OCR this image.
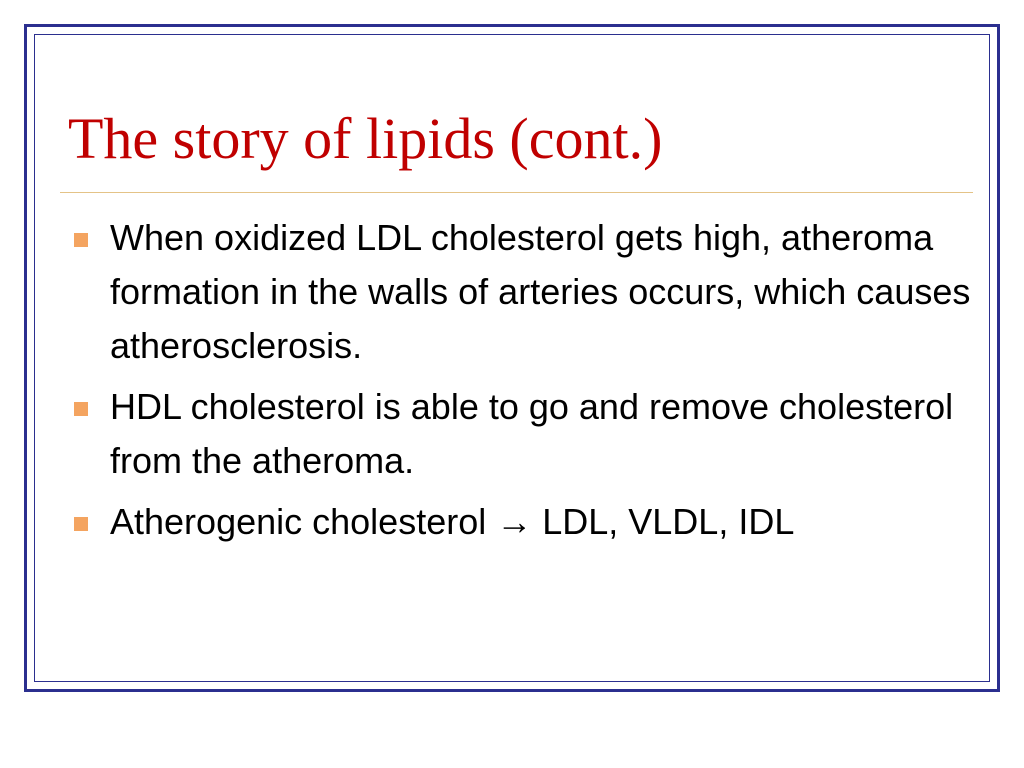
The story of lipids (cont.)
When oxidized LDL cholesterol gets high, atheroma formation in the walls of arteries occurs, which causes atherosclerosis.
HDL cholesterol is able to go and remove cholesterol from the atheroma.
Atherogenic cholesterol → LDL, VLDL, IDL
